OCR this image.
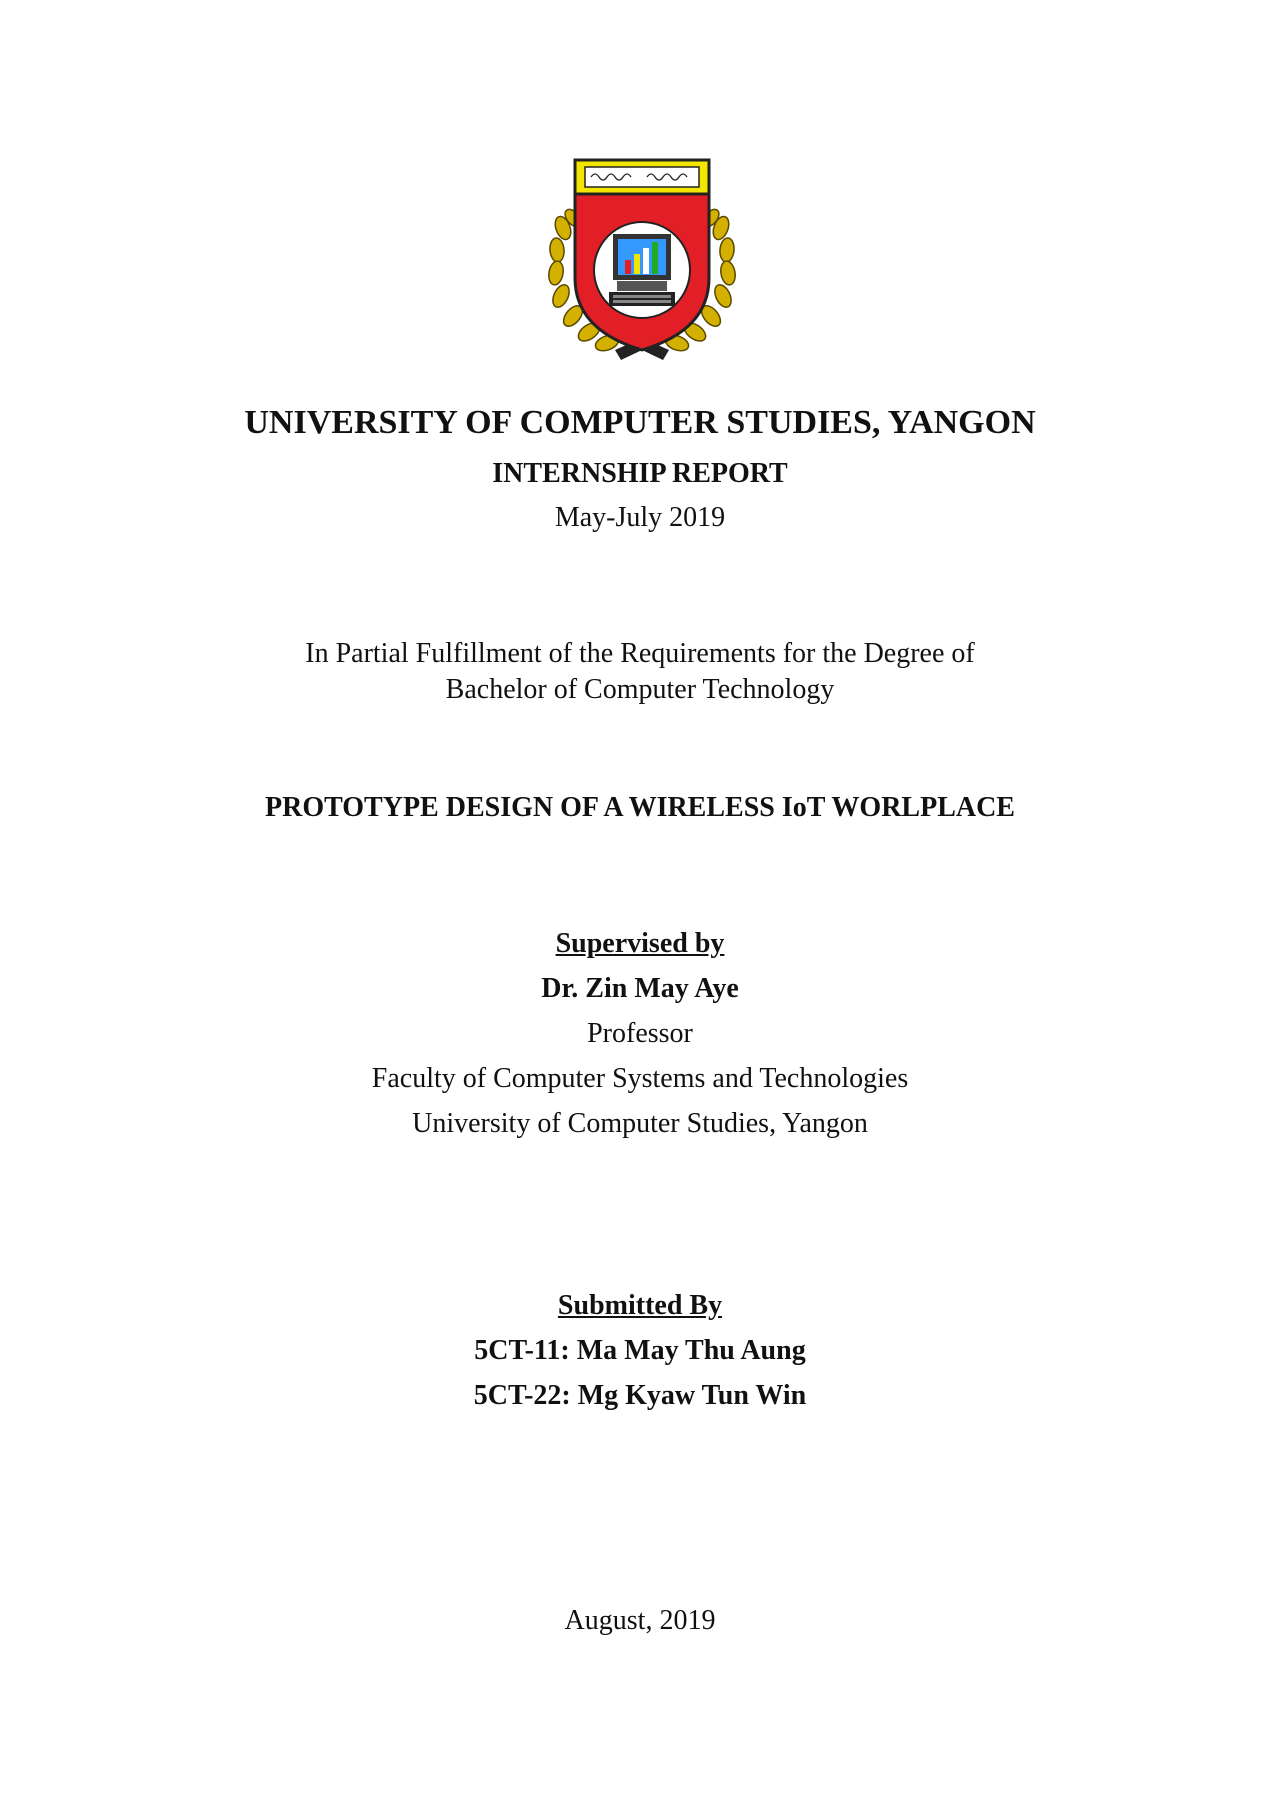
UNIVERSITY OF COMPUTER STUDIES, YANGON
INTERNSHIP REPORT
May-July 2019
In Partial Fulfillment of the Requirements for the Degree of
Bachelor of Computer Technology
PROTOTYPE DESIGN OF A WIRELESS IoT WORLPLACE
Supervised by
Dr. Zin May Aye
Professor
Faculty of Computer Systems and Technologies
University of Computer Studies, Yangon
Submitted By
5CT-11: Ma May Thu Aung
5CT-22: Mg Kyaw Tun Win
August, 2019
